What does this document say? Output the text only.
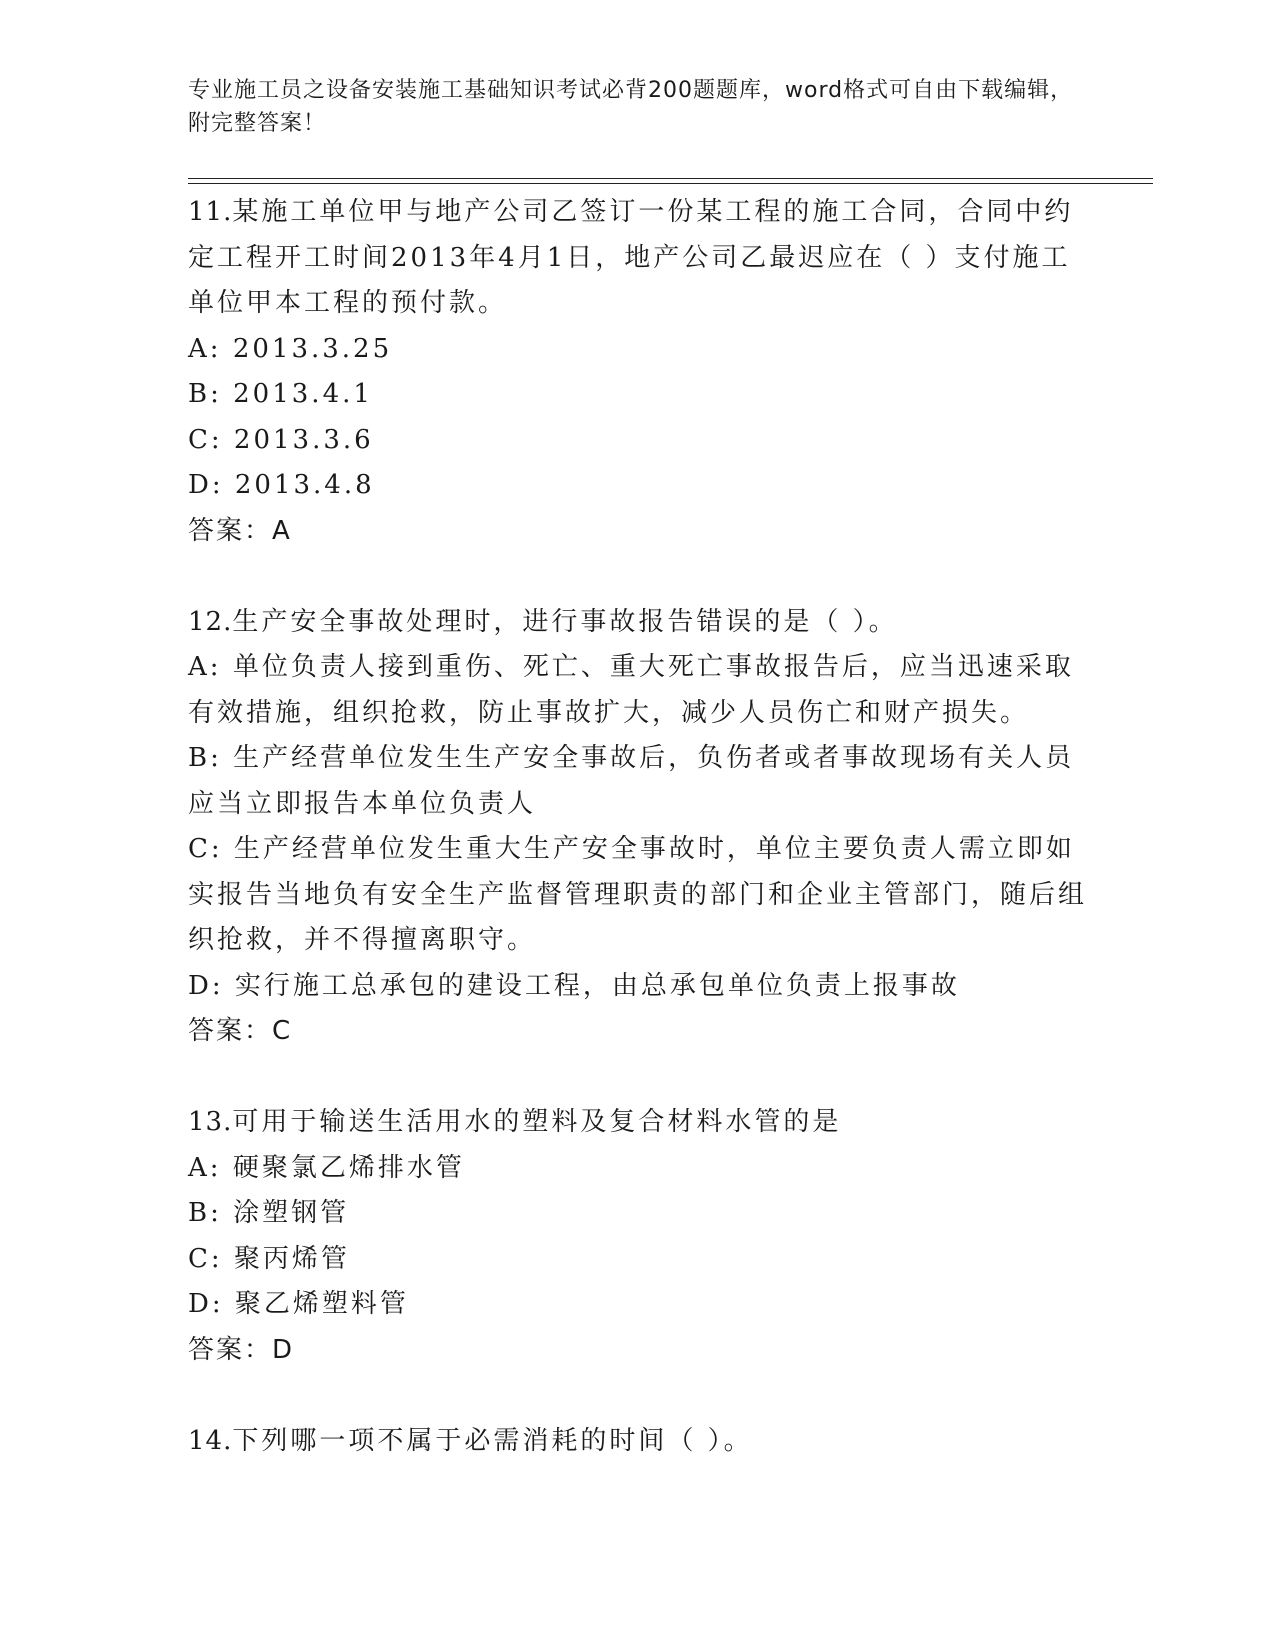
专业施工员之设备安装施工基础知识考试必背200题题库，word格式可自由下载编辑，附完整答案！

11.某施工单位甲与地产公司乙签订一份某工程的施工合同，合同中约定工程开工时间2013年4月1日，地产公司乙最迟应在（ ）支付施工单位甲本工程的预付款。

A: 2013.3.25

B: 2013.4.1

C: 2013.3.6

D: 2013.4.8

答案：A

12.生产安全事故处理时，进行事故报告错误的是（ ）。

A: 单位负责人接到重伤、死亡、重大死亡事故报告后，应当迅速采取有效措施，组织抢救，防止事故扩大，减少人员伤亡和财产损失。

B: 生产经营单位发生生产安全事故后，负伤者或者事故现场有关人员应当立即报告本单位负责人

C: 生产经营单位发生重大生产安全事故时，单位主要负责人需立即如实报告当地负有安全生产监督管理职责的部门和企业主管部门，随后组织抢救，并不得擅离职守。

D: 实行施工总承包的建设工程，由总承包单位负责上报事故

答案：C

13.可用于输送生活用水的塑料及复合材料水管的是

A: 硬聚氯乙烯排水管

B: 涂塑钢管

C: 聚丙烯管

D: 聚乙烯塑料管

答案：D

14.下列哪一项不属于必需消耗的时间（ ）。
